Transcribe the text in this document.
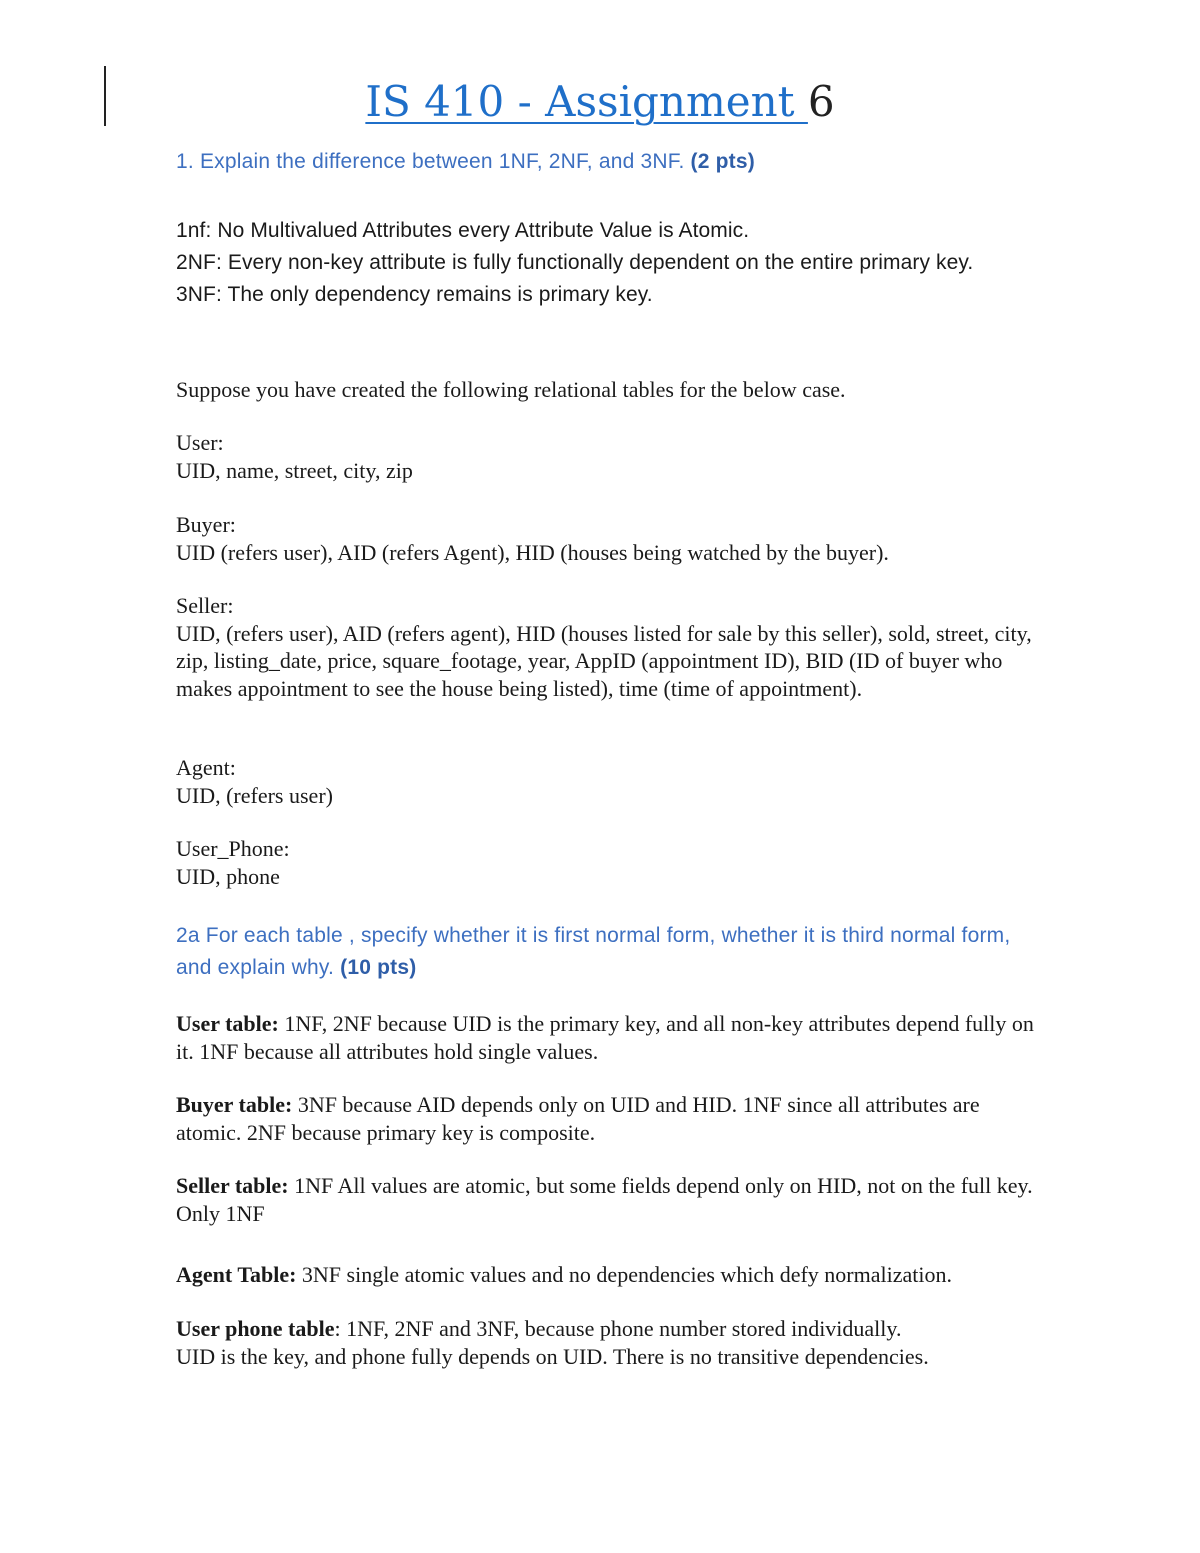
IS 410 - Assignment 6

1. Explain the difference between 1NF, 2NF, and 3NF. (2 pts)

1nf: No Multivalued Attributes every Attribute Value is Atomic.
2NF: Every non-key attribute is fully functionally dependent on the entire primary key.
3NF: The only dependency remains is primary key.

Suppose you have created the following relational tables for the below case.

User:
UID, name, street, city, zip

Buyer:
UID (refers user), AID (refers Agent), HID (houses being watched by the buyer).

Seller:
UID, (refers user), AID (refers agent), HID (houses listed for sale by this seller), sold, street, city, zip, listing_date, price, square_footage, year, AppID (appointment ID), BID (ID of buyer who makes appointment to see the house being listed), time (time of appointment).

Agent:
UID, (refers user)

User_Phone:
UID, phone

2a For each table , specify whether it is first normal form, whether it is third normal form, and explain why. (10 pts)

User table: 1NF, 2NF because UID is the primary key, and all non-key attributes depend fully on it. 1NF because all attributes hold single values.

Buyer table: 3NF because AID depends only on UID and HID. 1NF since all attributes are atomic. 2NF because primary key is composite.

Seller table: 1NF All values are atomic, but some fields depend only on HID, not on the full key. Only 1NF

Agent Table: 3NF single atomic values and no dependencies which defy normalization.

User phone table: 1NF, 2NF and 3NF, because phone number stored individually.
UID is the key, and phone fully depends on UID. There is no transitive dependencies.
